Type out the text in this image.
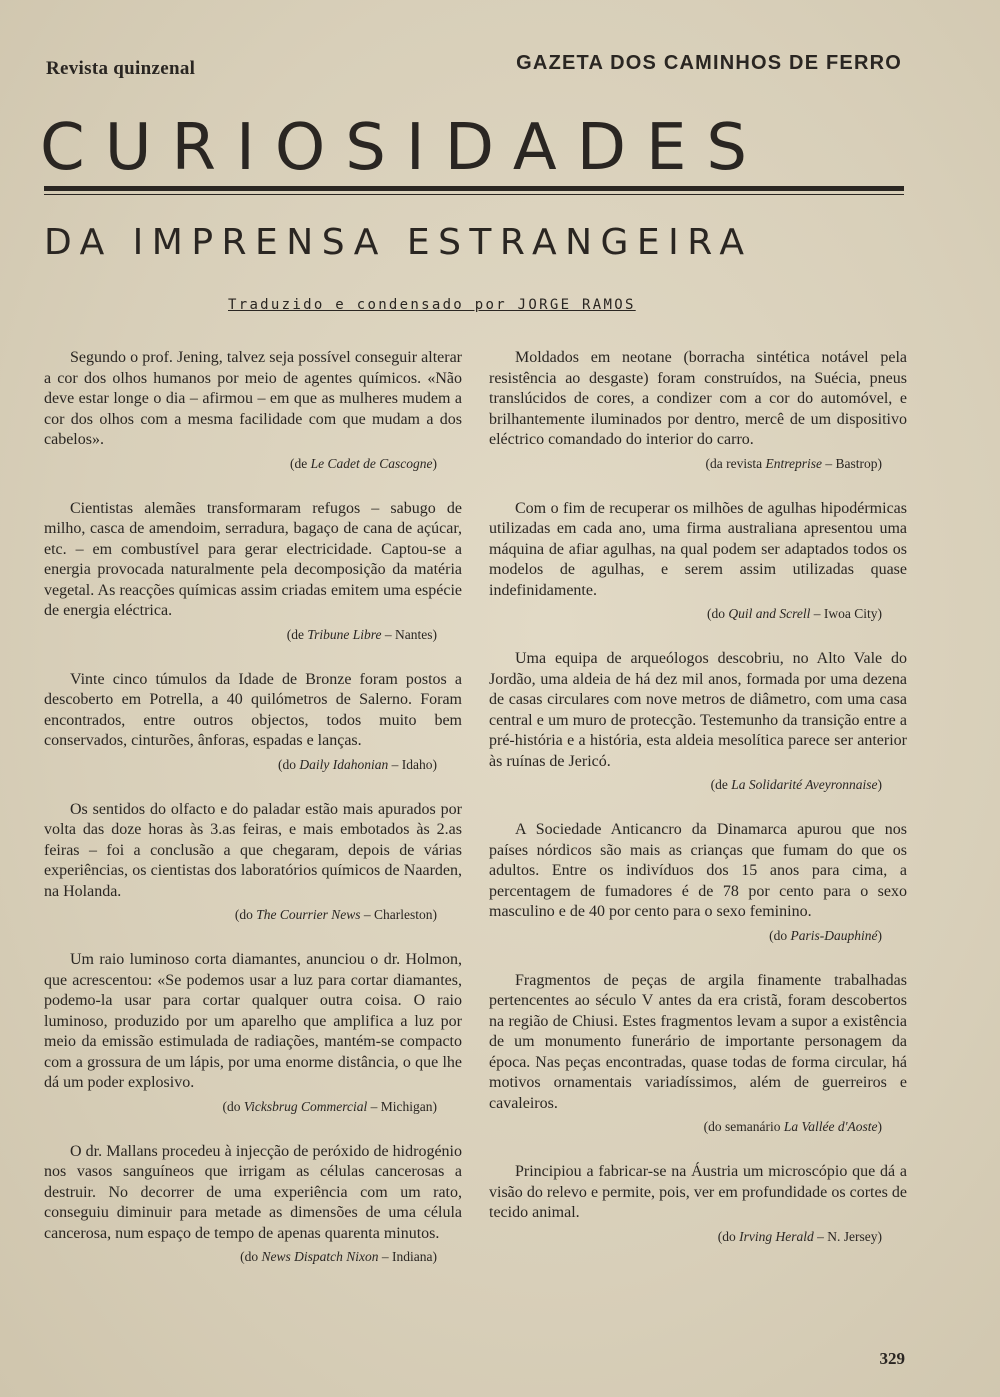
Revista quinzenal	GAZETA DOS CAMINHOS DE FERRO
CURIOSIDADES
DA IMPRENSA ESTRANGEIRA
Traduzido e condensado por JORGE RAMOS

Segundo o prof. Jening, talvez seja possível conseguir alterar a cor dos olhos humanos por meio de agentes químicos. «Não deve estar longe o dia – afirmou – em que as mulheres mudem a cor dos olhos com a mesma facilidade com que mudam a dos cabelos».

(de Le Cadet de Cascogne)

Cientistas alemães transformaram refugos – sabugo de milho, casca de amendoim, serradura, bagaço de cana de açúcar, etc. – em combustível para gerar electricidade. Captou-se a energia provocada naturalmente pela decomposição da matéria vegetal. As reacções químicas assim criadas emitem uma espécie de energia eléctrica.

(de Tribune Libre – Nantes)

Vinte cinco túmulos da Idade de Bronze foram postos a descoberto em Potrella, a 40 quilómetros de Salerno. Foram encontrados, entre outros objectos, todos muito bem conservados, cinturões, ânforas, espadas e lanças.

(do Daily Idahonian – Idaho)

Os sentidos do olfacto e do paladar estão mais apurados por volta das doze horas às 3.as feiras, e mais embotados às 2.as feiras – foi a conclusão a que chegaram, depois de várias experiências, os cientistas dos laboratórios químicos de Naarden, na Holanda.

(do The Courrier News – Charleston)

Um raio luminoso corta diamantes, anunciou o dr. Holmon, que acrescentou: «Se podemos usar a luz para cortar diamantes, podemo-la usar para cortar qualquer outra coisa. O raio luminoso, produzido por um aparelho que amplifica a luz por meio da emissão estimulada de radiações, mantém-se compacto com a grossura de um lápis, por uma enorme distância, o que lhe dá um poder explosivo.

(do Vicksbrug Commercial – Michigan)

O dr. Mallans procedeu à injecção de peróxido de hidrogénio nos vasos sanguíneos que irrigam as células cancerosas a destruir. No decorrer de uma experiência com um rato, conseguiu diminuir para metade as dimensões de uma célula cancerosa, num espaço de tempo de apenas quarenta minutos.

(do News Dispatch Nixon – Indiana)

Moldados em neotane (borracha sintética notável pela resistência ao desgaste) foram construídos, na Suécia, pneus translúcidos de cores, a condizer com a cor do automóvel, e brilhantemente iluminados por dentro, mercê de um dispositivo eléctrico comandado do interior do carro.

(da revista Entreprise – Bastrop)

Com o fim de recuperar os milhões de agulhas hipodérmicas utilizadas em cada ano, uma firma australiana apresentou uma máquina de afiar agulhas, na qual podem ser adaptados todos os modelos de agulhas, e serem assim utilizadas quase indefinidamente.

(do Quil and Screll – Iwoa City)

Uma equipa de arqueólogos descobriu, no Alto Vale do Jordão, uma aldeia de há dez mil anos, formada por uma dezena de casas circulares com nove metros de diâmetro, com uma casa central e um muro de protecção. Testemunho da transição entre a pré-história e a história, esta aldeia mesolítica parece ser anterior às ruínas de Jericó.

(de La Solidarité Aveyronnaise)

A Sociedade Anticancro da Dinamarca apurou que nos países nórdicos são mais as crianças que fumam do que os adultos. Entre os indivíduos dos 15 anos para cima, a percentagem de fumadores é de 78 por cento para o sexo masculino e de 40 por cento para o sexo feminino.

(do Paris-Dauphiné)

Fragmentos de peças de argila finamente trabalhadas pertencentes ao século V antes da era cristã, foram descobertos na região de Chiusi. Estes fragmentos levam a supor a existência de um monumento funerário de importante personagem da época. Nas peças encontradas, quase todas de forma circular, há motivos ornamentais variadíssimos, além de guerreiros e cavaleiros.

(do semanário La Vallée d'Aoste)

Principiou a fabricar-se na Áustria um microscópio que dá a visão do relevo e permite, pois, ver em profundidade os cortes de tecido animal.

(do Irving Herald – N. Jersey)
329
